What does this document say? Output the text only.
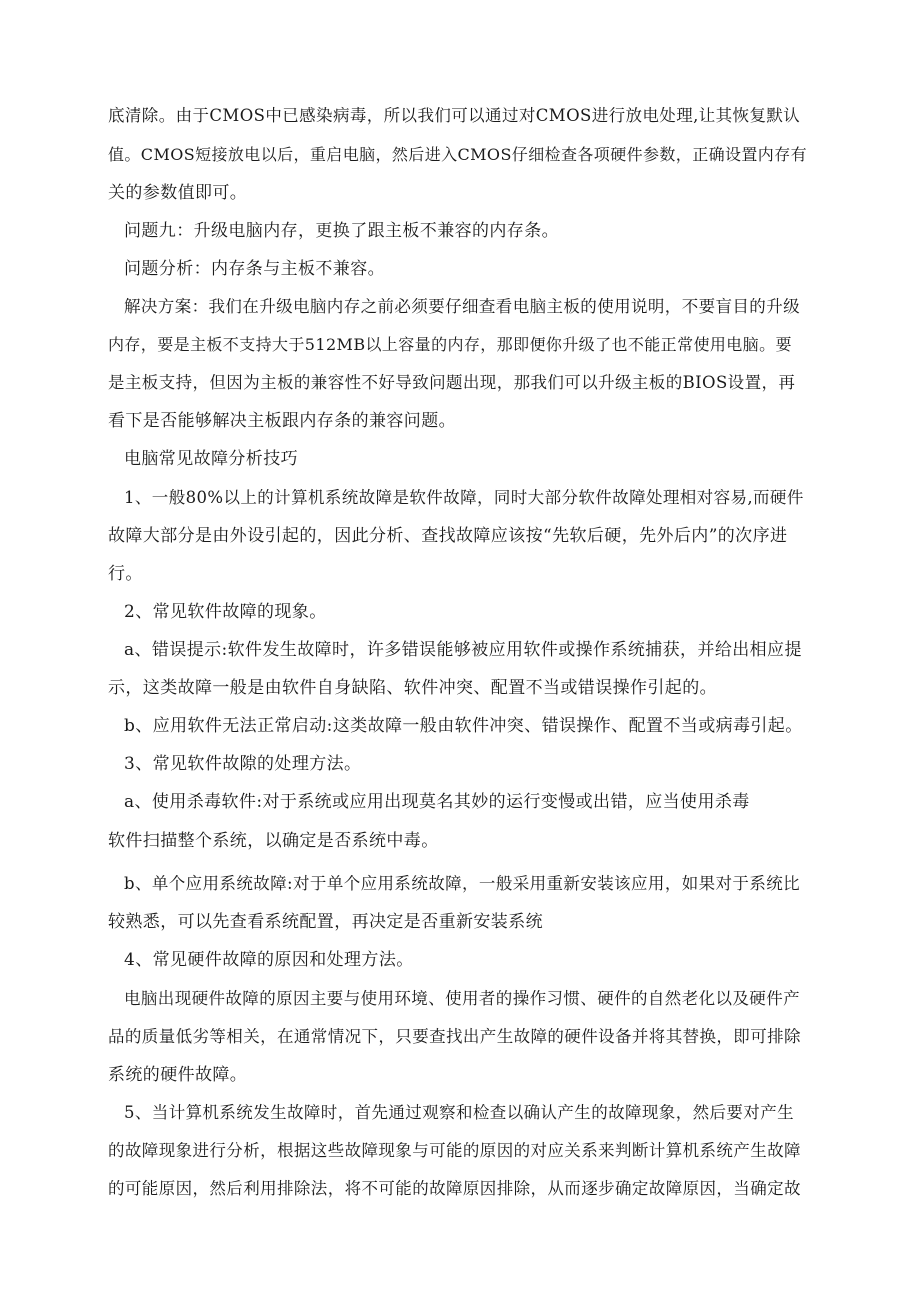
底清除。由于CMOS中已感染病毒，所以我们可以通过对CMOS进行放电处理,让其恢复默认
值。CMOS短接放电以后，重启电脑，然后进入CMOS仔细检查各项硬件参数，正确设置内存有
关的参数值即可。
问题九：升级电脑内存，更换了跟主板不兼容的内存条。
问题分析：内存条与主板不兼容。
解决方案：我们在升级电脑内存之前必须要仔细查看电脑主板的使用说明，不要盲目的升级
内存，要是主板不支持大于512MB以上容量的内存，那即便你升级了也不能正常使用电脑。要
是主板支持，但因为主板的兼容性不好导致问题出现，那我们可以升级主板的BIOS设置，再
看下是否能够解决主板跟内存条的兼容问题。
电脑常见故障分析技巧
1、一般80%以上的计算机系统故障是软件故障，同时大部分软件故障处理相对容易,而硬件
故障大部分是由外设引起的，因此分析、查找故障应该按“先软后硬，先外后内”的次序进
行。
2、常见软件故障的现象。
a、错误提示:软件发生故障时，许多错误能够被应用软件或操作系统捕获，并给出相应提
示，这类故障一般是由软件自身缺陷、软件冲突、配置不当或错误操作引起的。
b、应用软件无法正常启动:这类故障一般由软件冲突、错误操作、配置不当或病毒引起。
3、常见软件故隙的处理方法。
a、使用杀毒软件:对于系统或应用出现莫名其妙的运行变慢或出错，应当使用杀毒
软件扫描整个系统，以确定是否系统中毒。
b、单个应用系统故障:对于单个应用系统故障，一般采用重新安装该应用，如果对于系统比
较熟悉，可以先查看系统配置，再决定是否重新安装系统
4、常见硬件故障的原因和处理方法。
电脑出现硬件故障的原因主要与使用环境、使用者的操作习惯、硬件的自然老化以及硬件产
品的质量低劣等相关，在通常情况下，只要查找出产生故障的硬件设备并将其替换，即可排除
系统的硬件故障。
5、当计算机系统发生故障时，首先通过观察和检查以确认产生的故障现象，然后要对产生
的故障现象进行分析，根据这些故障现象与可能的原因的对应关系来判断计算机系统产生故障
的可能原因，然后利用排除法，将不可能的故障原因排除，从而逐步确定故障原因，当确定故
